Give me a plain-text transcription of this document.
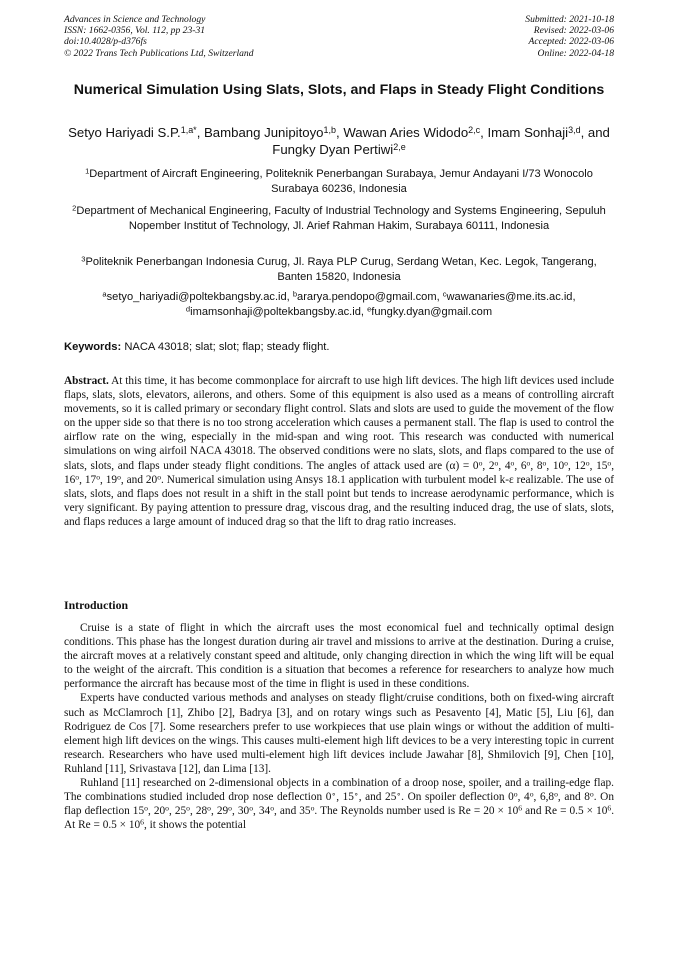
Advances in Science and Technology
ISSN: 1662-0356, Vol. 112, pp 23-31
doi:10.4028/p-d376fs
© 2022 Trans Tech Publications Ltd, Switzerland
Submitted: 2021-10-18
Revised: 2022-03-06
Accepted: 2022-03-06
Online: 2022-04-18
Numerical Simulation Using Slats, Slots, and Flaps in Steady Flight Conditions
Setyo Hariyadi S.P.$^{1,a*}$, Bambang Junipitoyo$^{1,b}$, Wawan Aries Widodo$^{2,c}$, Imam Sonhaji$^{3,d}$, and Fungky Dyan Pertiwi$^{2,e}$
$^1$Department of Aircraft Engineering, Politeknik Penerbangan Surabaya, Jemur Andayani I/73 Wonocolo Surabaya 60236, Indonesia
$^2$Department of Mechanical Engineering, Faculty of Industrial Technology and Systems Engineering, Sepuluh Nopember Institut of Technology, Jl. Arief Rahman Hakim, Surabaya 60111, Indonesia
$^3$Politeknik Penerbangan Indonesia Curug, Jl. Raya PLP Curug, Serdang Wetan, Kec. Legok, Tangerang, Banten 15820, Indonesia
$^a$setyo_hariyadi@poltekbangsby.ac.id, $^b$ararya.pendopo@gmail.com, $^c$wawanaries@me.its.ac.id, $^d$imamsonhaji@poltekbangsby.ac.id, $^e$fungky.dyan@gmail.com
Keywords: NACA 43018; slat; slot; flap; steady flight.
Abstract. At this time, it has become commonplace for aircraft to use high lift devices. The high lift devices used include flaps, slats, slots, elevators, ailerons, and others. Some of this equipment is also used as a means of controlling aircraft movements, so it is called primary or secondary flight control. Slats and slots are used to guide the movement of the flow on the upper side so that there is no too strong acceleration which causes a permanent stall. The flap is used to control the airflow rate on the wing, especially in the mid-span and wing root. This research was conducted with numerical simulations on wing airfoil NACA 43018. The observed conditions were no slats, slots, and flaps compared to the use of slats, slots, and flaps under steady flight conditions. The angles of attack used are $(\alpha) = 0^o$, 2$^o$, 4$^o$, 6$^o$, 8$^o$, 10$^o$, 12$^o$, 15$^o$, 16$^o$, 17$^o$, 19$^o$, and 20$^o$. Numerical simulation using Ansys 18.1 application with turbulent model k-ε realizable. The use of slats, slots, and flaps does not result in a shift in the stall point but tends to increase aerodynamic performance, which is very significant. By paying attention to pressure drag, viscous drag, and the resulting induced drag, the use of slats, slots, and flaps reduces a large amount of induced drag so that the lift to drag ratio increases.
Introduction

Cruise is a state of flight in which the aircraft uses the most economical fuel and technically optimal design conditions. This phase has the longest duration during air travel and missions to arrive at the destination. During a cruise, the aircraft moves at a relatively constant speed and altitude, only changing direction in which the wing lift will be equal to the weight of the aircraft. This condition is a situation that becomes a reference for researchers to analyze how much performance the aircraft has because most of the time in flight is used in these conditions.

Experts have conducted various methods and analyses on steady flight/cruise conditions, both on fixed-wing aircraft such as McClamroch [1], Zhibo [2], Badrya [3], and on rotary wings such as Pesavento [4], Matic [5], Liu [6], dan Rodriguez de Cos [7]. Some researchers prefer to use workpieces that use plain wings or without the addition of multi-element high lift devices on the wings. This causes multi-element high lift devices to be a very interesting topic in current research. Researchers who have used multi-element high lift devices include Jawahar [8], Shmilovich [9], Chen [10], Ruhland [11], Srivastava [12], dan Lima [13].

Ruhland [11] researched on 2-dimensional objects in a combination of a droop nose, spoiler, and a trailing-edge flap. The combinations studied included drop nose deflection 0∘, 15∘, and 25∘. On spoiler deflection 0$^o$, 4$^o$, 6,8$^o$, and 8$^o$. On flap deflection 15$^o$, 20$^o$, 25$^o$, 28$^o$, 29$^o$, 30$^o$, 34$^o$, and 35$^o$. The Reynolds number used is $Re = 20 \times 10^6$ and $Re = 0.5 \times 10^6$. At $Re = 0.5 \times 10^6$, it shows the potential
